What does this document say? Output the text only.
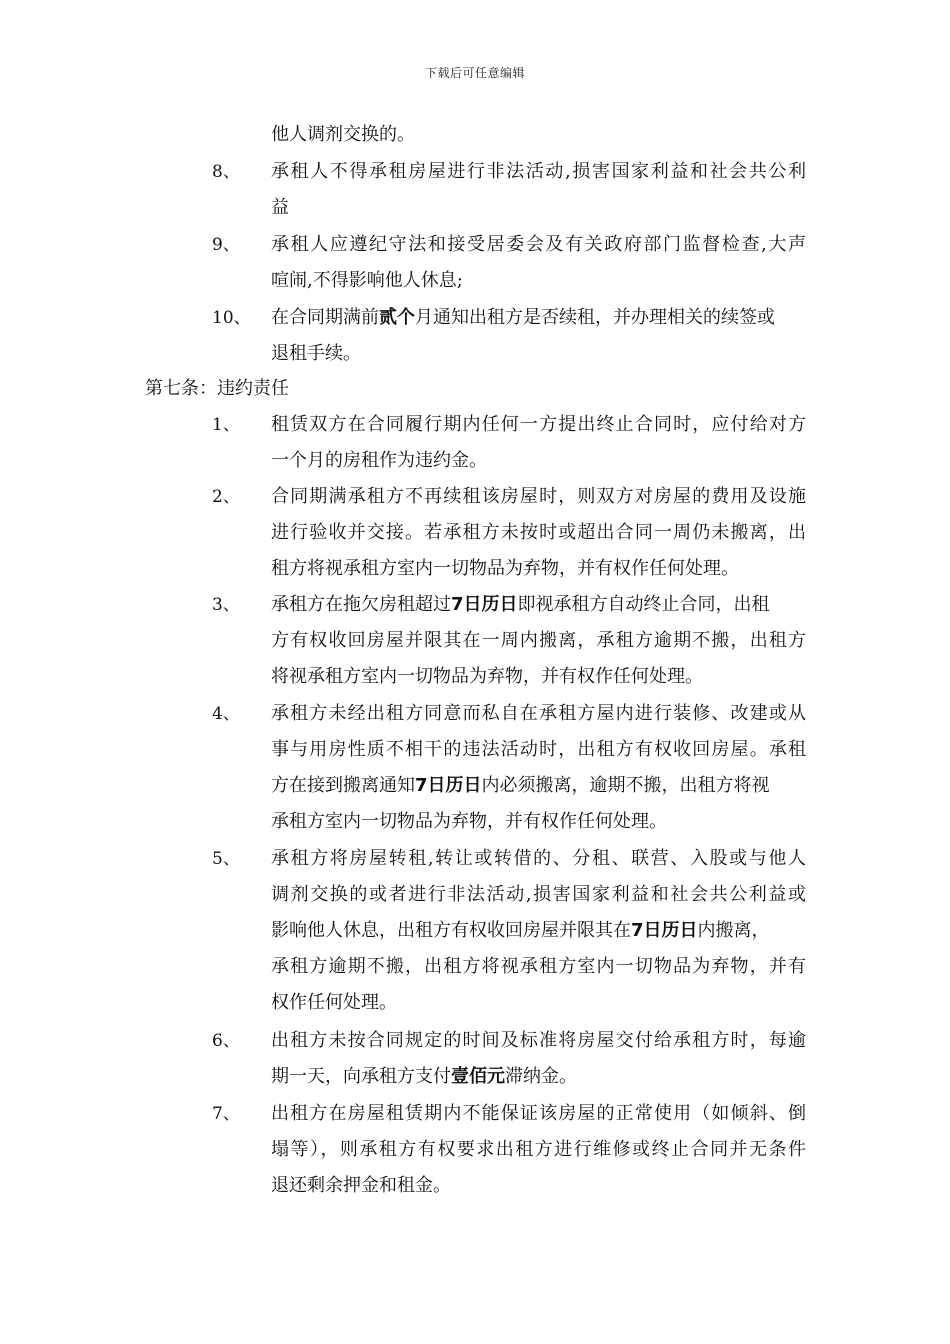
下载后可任意编辑
他人调剂交换的。
8、 承租人不得承租房屋进行非法活动,损害国家利益和社会共公利
益
9、 承租人应遵纪守法和接受居委会及有关政府部门监督检查,大声
喧闹,不得影响他人休息;
10、 在合同期满前贰个月通知出租方是否续租，并办理相关的续签或
退租手续。
第七条：违约责任
1、 租赁双方在合同履行期内任何一方提出终止合同时，应付给对方
一个月的房租作为违约金。
2、 合同期满承租方不再续租该房屋时，则双方对房屋的费用及设施
进行验收并交接。若承租方未按时或超出合同一周仍未搬离，出
租方将视承租方室内一切物品为弃物，并有权作任何处理。
3、 承租方在拖欠房租超过7日历日即视承租方自动终止合同，出租
方有权收回房屋并限其在一周内搬离，承租方逾期不搬，出租方
将视承租方室内一切物品为弃物，并有权作任何处理。
4、 承租方未经出租方同意而私自在承租方屋内进行装修、改建或从
事与用房性质不相干的违法活动时，出租方有权收回房屋。承租
方在接到搬离通知7日历日内必须搬离，逾期不搬，出租方将视
承租方室内一切物品为弃物，并有权作任何处理。
5、 承租方将房屋转租,转让或转借的、分租、联营、入股或与他人
调剂交换的或者进行非法活动,损害国家利益和社会共公利益或
影响他人休息，出租方有权收回房屋并限其在7日历日内搬离，
承租方逾期不搬，出租方将视承租方室内一切物品为弃物，并有
权作任何处理。
6、 出租方未按合同规定的时间及标准将房屋交付给承租方时，每逾
期一天，向承租方支付壹佰元滞纳金。
7、 出租方在房屋租赁期内不能保证该房屋的正常使用（如倾斜、倒
塌等），则承租方有权要求出租方进行维修或终止合同并无条件
退还剩余押金和租金。
